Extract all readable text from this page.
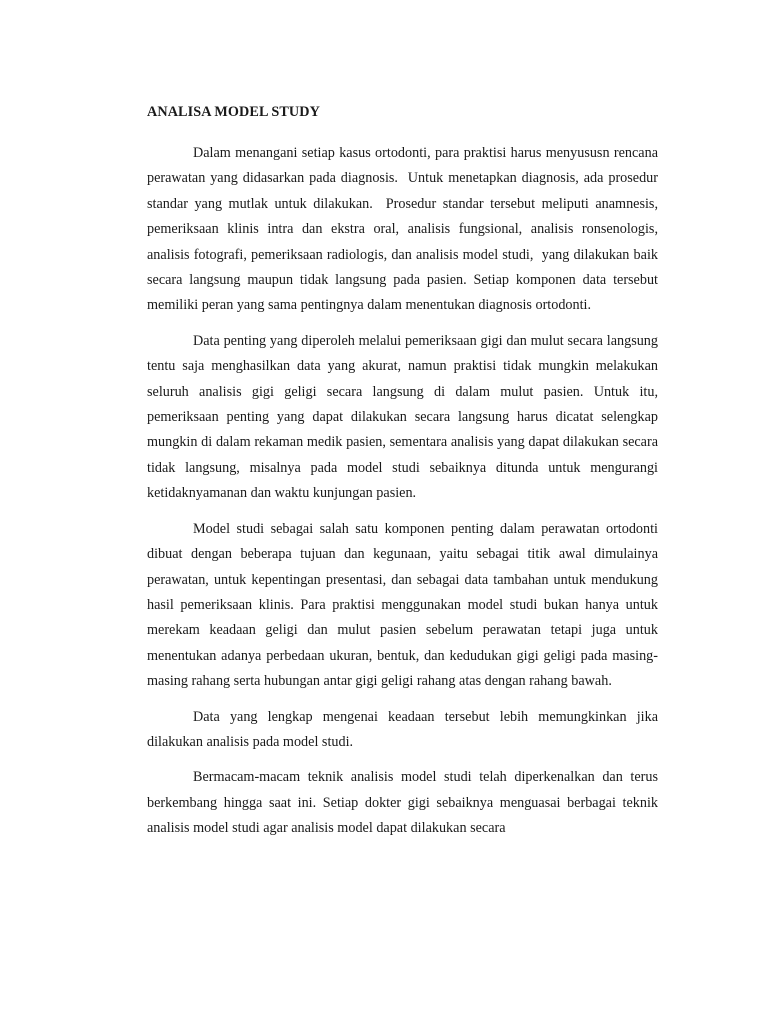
ANALISA MODEL STUDY

Dalam menangani setiap kasus ortodonti, para praktisi harus menyususn rencana perawatan yang didasarkan pada diagnosis.  Untuk menetapkan diagnosis, ada prosedur standar yang mutlak untuk dilakukan.  Prosedur standar tersebut meliputi anamnesis, pemeriksaan klinis intra dan ekstra oral, analisis fungsional, analisis ronsenologis, analisis fotografi, pemeriksaan radiologis, dan analisis model studi,  yang dilakukan baik secara langsung maupun tidak langsung pada pasien. Setiap komponen data tersebut memiliki peran yang sama pentingnya dalam menentukan diagnosis ortodonti.

Data penting yang diperoleh melalui pemeriksaan gigi dan mulut secara langsung tentu saja menghasilkan data yang akurat, namun praktisi tidak mungkin melakukan seluruh analisis gigi geligi secara langsung di dalam mulut pasien. Untuk itu, pemeriksaan penting yang dapat dilakukan secara langsung harus dicatat selengkap mungkin di dalam rekaman medik pasien, sementara analisis yang dapat dilakukan secara tidak langsung, misalnya pada model studi sebaiknya ditunda untuk mengurangi ketidaknyamanan dan waktu kunjungan pasien.

Model studi sebagai salah satu komponen penting dalam perawatan ortodonti dibuat dengan beberapa tujuan dan kegunaan, yaitu sebagai titik awal dimulainya perawatan, untuk kepentingan presentasi, dan sebagai data tambahan untuk mendukung hasil pemeriksaan klinis. Para praktisi menggunakan model studi bukan hanya untuk merekam keadaan geligi dan mulut pasien sebelum perawatan tetapi juga untuk menentukan adanya perbedaan ukuran, bentuk, dan kedudukan gigi geligi pada masing-masing rahang serta hubungan antar gigi geligi rahang atas dengan rahang bawah.

Data yang lengkap mengenai keadaan tersebut lebih memungkinkan jika dilakukan analisis pada model studi.

Bermacam-macam teknik analisis model studi telah diperkenalkan dan terus berkembang hingga saat ini. Setiap dokter gigi sebaiknya menguasai berbagai teknik analisis model studi agar analisis model dapat dilakukan secara
